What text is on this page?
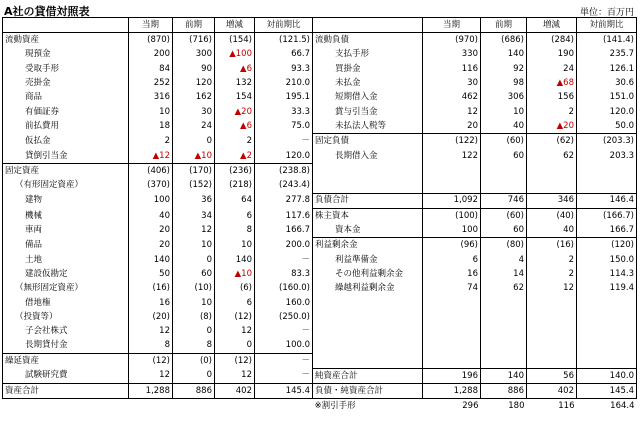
A社の貸借対照表	単位：百万円
	当期	前期	増減	対前期比		当期	前期	増減	対前期比
流動資産	(870)	(716)	(154)	(121.5)	流動負債	(970)	(686)	(284)	(141.4)
現預金	200	300	▲100	66.7	支払手形	330	140	190	235.7
受取手形	84	90	▲6	93.3	買掛金	116	92	24	126.1
売掛金	252	120	132	210.0	未払金	30	98	▲68	30.6
商品	316	162	154	195.1	短期借入金	462	306	156	151.0
有価証券	10	30	▲20	33.3	賞与引当金	12	10	2	120.0
前払費用	18	24	▲6	75.0	未払法人税等	20	40	▲20	50.0
仮払金	2	0	2	－	固定負債	(122)	(60)	(62)	(203.3)
貸倒引当金	▲12	▲10	▲2	120.0	長期借入金	122	60	62	203.3
固定資産	(406)	(170)	(236)	(238.8)					
（有形固定資産）	(370)	(152)	(218)	(243.4)					
建物	100	36	64	277.8	負債合計	1,092	746	346	146.4
機械	40	34	6	117.6	株主資本	(100)	(60)	(40)	(166.7)
車両	20	12	8	166.7	資本金	100	60	40	166.7
備品	20	10	10	200.0	利益剰余金	(96)	(80)	(16)	(120)
土地	140	0	140	－	利益準備金	6	4	2	150.0
建設仮勘定	50	60	▲10	83.3	その他利益剰余金	16	14	2	114.3
（無形固定資産）	(16)	(10)	(6)	(160.0)	繰越利益剰余金	74	62	12	119.4
借地権	16	10	6	160.0					
（投資等）	(20)	(8)	(12)	(250.0)					
子会社株式	12	0	12	－					
長期貸付金	8	8	0	100.0					
繰延資産	(12)	(0)	(12)	－					
試験研究費	12	0	12	－	純資産合計	196	140	56	140.0
資産合計	1,288	886	402	145.4	負債・純資産合計	1,288	886	402	145.4
					※割引手形	296	180	116	164.4
